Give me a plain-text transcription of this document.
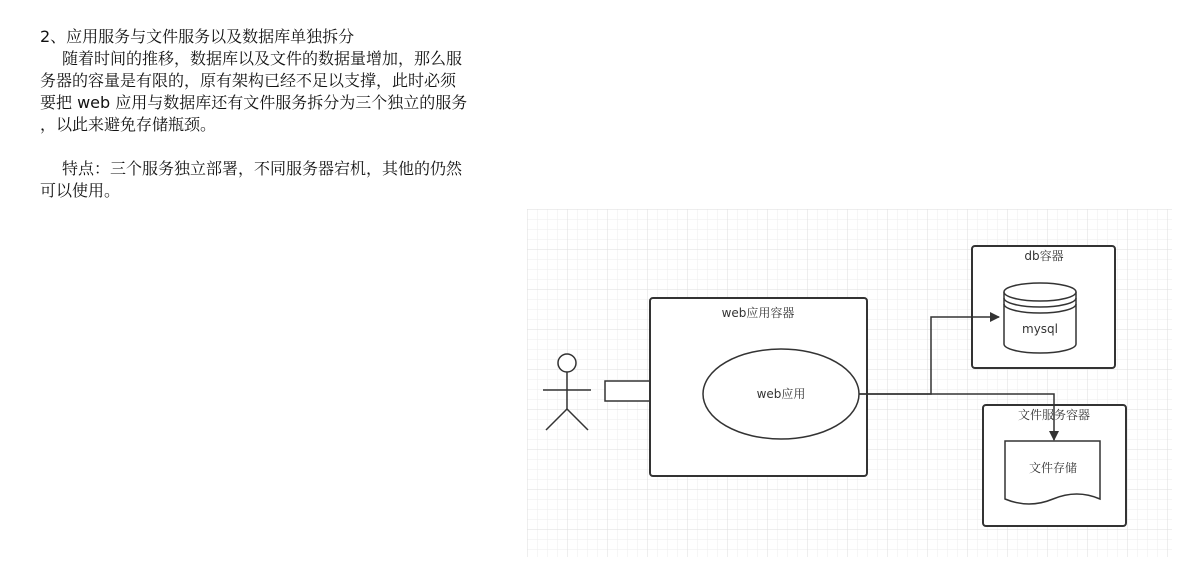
2、应用服务与文件服务以及数据库单独拆分

随着时间的推移，数据库以及文件的数据量增加，那么服
务器的容量是有限的，原有架构已经不足以支撑，此时必须
要把 web 应用与数据库还有文件服务拆分为三个独立的服务
，以此来避免存储瓶颈。

特点：三个服务独立部署，不同服务器宕机，其他的仍然
可以使用。

web应用容器
web应用
db容器
mysql
文件服务容器
文件存储
